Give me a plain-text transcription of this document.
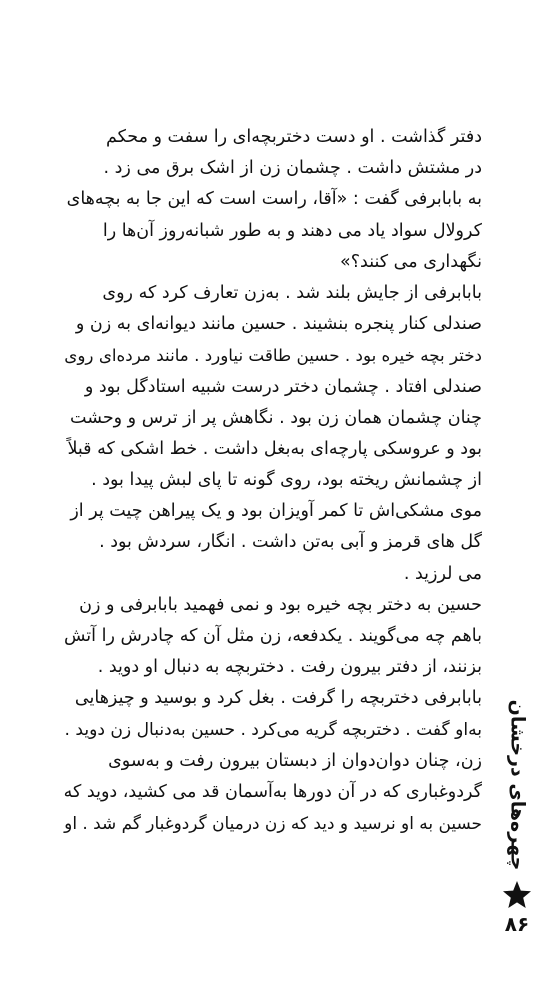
دفتر گذاشت . او دست دختربچه‌ای را سفت و محکم
در مشتش داشت . چشمان زن از اشک برق می زد .
به بابابرفی گفت : «آقا، راست است که این جا به بچه‌های
کرولال سواد یاد می دهند و به طور شبانه‌روز آن‌ها را
نگهداری می کنند؟»
بابابرفی از جایش بلند شد . به‌زن تعارف کرد که روی
صندلی کنار پنجره بنشیند . حسین مانند دیوانه‌ای به زن و
دختر بچه خیره بود . حسین طاقت نیاورد . مانند مرده‌ای روی
صندلی افتاد . چشمان دختر درست شبیه استادگل بود و
چنان چشمان همان زن بود . نگاهش پر از ترس و وحشت
بود و عروسکی پارچه‌ای به‌بغل داشت . خط اشکی که قبلاً
از چشمانش ریخته بود، روی گونه تا پای لبش پیدا بود .
موی مشکی‌اش تا کمر آویزان بود و یک پیراهن چیت پر از
گل های قرمز و آبی به‌تن داشت . انگار، سردش بود .
می لرزید .
حسین به دختر بچه خیره بود و نمی فهمید بابابرفی و زن
باهم چه می‌گویند . یکدفعه، زن مثل آن که چادرش را آتش
بزنند، از دفتر بیرون رفت . دختربچه به دنبال او دوید .
بابابرفی دختربچه را گرفت . بغل کرد و بوسید و چیزهایی
به‌او گفت . دختربچه گریه می‌کرد . حسین به‌دنبال زن دوید .
زن، چنان دوان‌دوان از دبستان بیرون رفت و به‌سوی
گردوغباری که در آن دورها به‌آسمان قد می کشید، دوید که
حسین به او نرسید و دید که زن درمیان گردوغبار گم شد . او چهره‌های درخشان
۸۶
